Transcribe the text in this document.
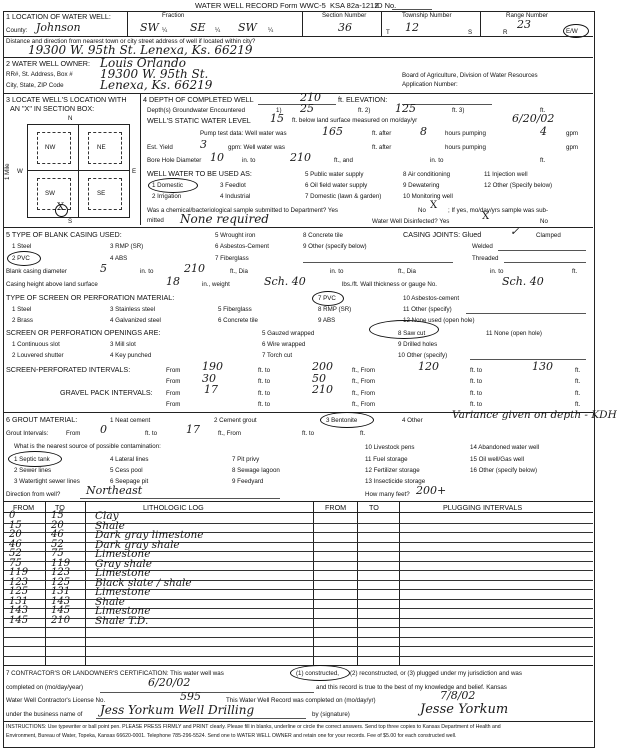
WATER WELL RECORD Form WWC-5 KSA 82a-1212
ID No.
1 LOCATION OF WATER WELL:	Fraction	Section Number	Township Number	Range Number
County: Johnson	SW ¼ SE ¼ SW ¼	36	T 12	S	R
23
E/W
Distance and direction from nearest town or city street address of well if located within city?
19300 W. 95th St. Lenexa, Ks. 66219
2 WATER WELL OWNER: Louis Orlando
RR#, St. Address, Box # 19300 W. 95th St.
City, State, ZIP Code	Lenexa, Ks. 66219
Board of Agriculture, Division of Water Resources
Application Number:
3 LOCATE WELL'S LOCATION WITH
AN "X" IN SECTION BOX:
N
S
W	E
1 Mile
NW	NE
SW	SE
X
4 DEPTH OF COMPLETED WELL	210 ft. ELEVATION:
Depth(s) Groundwater Encountered	1) 25	ft. 2) 125	ft. 3)	ft.
WELL'S STATIC WATER LEVEL 15 ft. below land surface measured on mo/day/yr	6/20/02
Pump test data: Well water was	165	ft. after	8	hours pumping	4	gpm
Est. Yield 3	gpm: Well water was	ft. after	hours pumping	gpm
Bore Hole Diameter 10	in. to	210	ft., and	in. to	ft.
WELL WATER TO BE USED AS:	5 Public water supply	8 Air conditioning	11 Injection well
1 Domestic	3 Feedlot	6 Oil field water supply	9 Dewatering	12 Other (Specify below)
2 Irrigation	4 Industrial	7 Domestic (lawn & garden)	10 Monitoring well
Was a chemical/bacteriological sample submitted to Department? Yes	No X ; If yes, mo/day/yrs sample was sub-
mitted None required	Water Well Disinfected? Yes	X	No
5 TYPE OF BLANK CASING USED:	5 Wrought iron	8 Concrete tile	CASING JOINTS: Glued	✓	Clamped
1 Steel	3 RMP (SR)	6 Asbestos-Cement	9 Other (specify below)	Welded
2 PVC	4 ABS	7 Fiberglass	Threaded
Blank casing diameter	5	in. to	210	ft., Dia	in. to	ft., Dia	in. to	ft.
Casing height above land surface	18	in., weight	Sch. 40	lbs./ft. Wall thickness or gauge No.	Sch. 40
TYPE OF SCREEN OR PERFORATION MATERIAL:	7 PVC	10 Asbestos-cement
1 Steel	3 Stainless steel	5 Fiberglass	8 RMP (SR)	11 Other (specify)
2 Brass	4 Galvanized steel	6 Concrete tile	9 ABS	12 None used (open hole)
SCREEN OR PERFORATION OPENINGS ARE:	5 Gauzed wrapped	8 Saw cut	11 None (open hole)
1 Continuous slot	3 Mill slot	6 Wire wrapped	9 Drilled holes
2 Louvered shutter	4 Key punched	7 Torch cut	10 Other (specify)
SCREEN-PERFORATED INTERVALS:	From 190	ft. to	200	ft., From	120	ft. to	130	ft.
From 30	ft. to	50	ft., From	ft. to	ft.
GRAVEL PACK INTERVALS: From 17	ft. to	210	ft., From	ft. to	ft.
From	ft. to	ft., From	ft. to	ft.
6 GROUT MATERIAL:	1 Neat cement	2 Cement grout	3 Bentonite	4 Other	Variance given on depth - KDH
Grout Intervals:	From 0	ft. to	17	ft., From	ft. to	ft.
What is the nearest source of possible contamination:	10 Livestock pens	14 Abandoned water well
1 Septic tank	4 Lateral lines	7 Pit privy	11 Fuel storage	15 Oil well/Gas well
2 Sewer lines	5 Cess pool	8 Sewage lagoon	12 Fertilizer storage	16 Other (specify below)
3 Watertight sewer lines	6 Seepage pit	9 Feedyard	13 Insecticide storage
Direction from well? Northeast	How many feet? 200+
FROM	TO	LITHOLOGIC LOG	FROM	TO	PLUGGING INTERVALS
0	15	Clay
15	20	Shale
20	46	Dark gray limestone
46	52	Dark gray shale
52	75	Limestone
75	119 Gray shale
119 123 Limestone
123 125 Black slate / shale
125 131 Limestone
131 143 Shale
143 145 Limestone
145 210 Shale T.D.
7 CONTRACTOR'S OR LANDOWNER'S CERTIFICATION: This water well was	(1) constructed, (2) reconstructed, or (3) plugged under my jurisdiction and was
completed on (mo/day/year)	6/20/02	and this record is true to the best of my knowledge and belief. Kansas
Water Well Contractor's License No.	595	This Water Well Record was completed on (mo/day/yr)	7/8/02
under the business name of Jess Yorkum Well Drilling	by (signature)	Jesse Yorkum
INSTRUCTIONS: Use typewriter or ball point pen. PLEASE PRESS FIRMLY and PRINT clearly. Please fill in blanks, underline or circle the correct answers. Send top three copies to Kansas Department of Health and
Environment, Bureau of Water, Topeka, Kansas 66620-0001. Telephone 785-296-5524. Send one to WATER WELL OWNER and retain one for your records. Fee of $5.00 for each constructed well.
